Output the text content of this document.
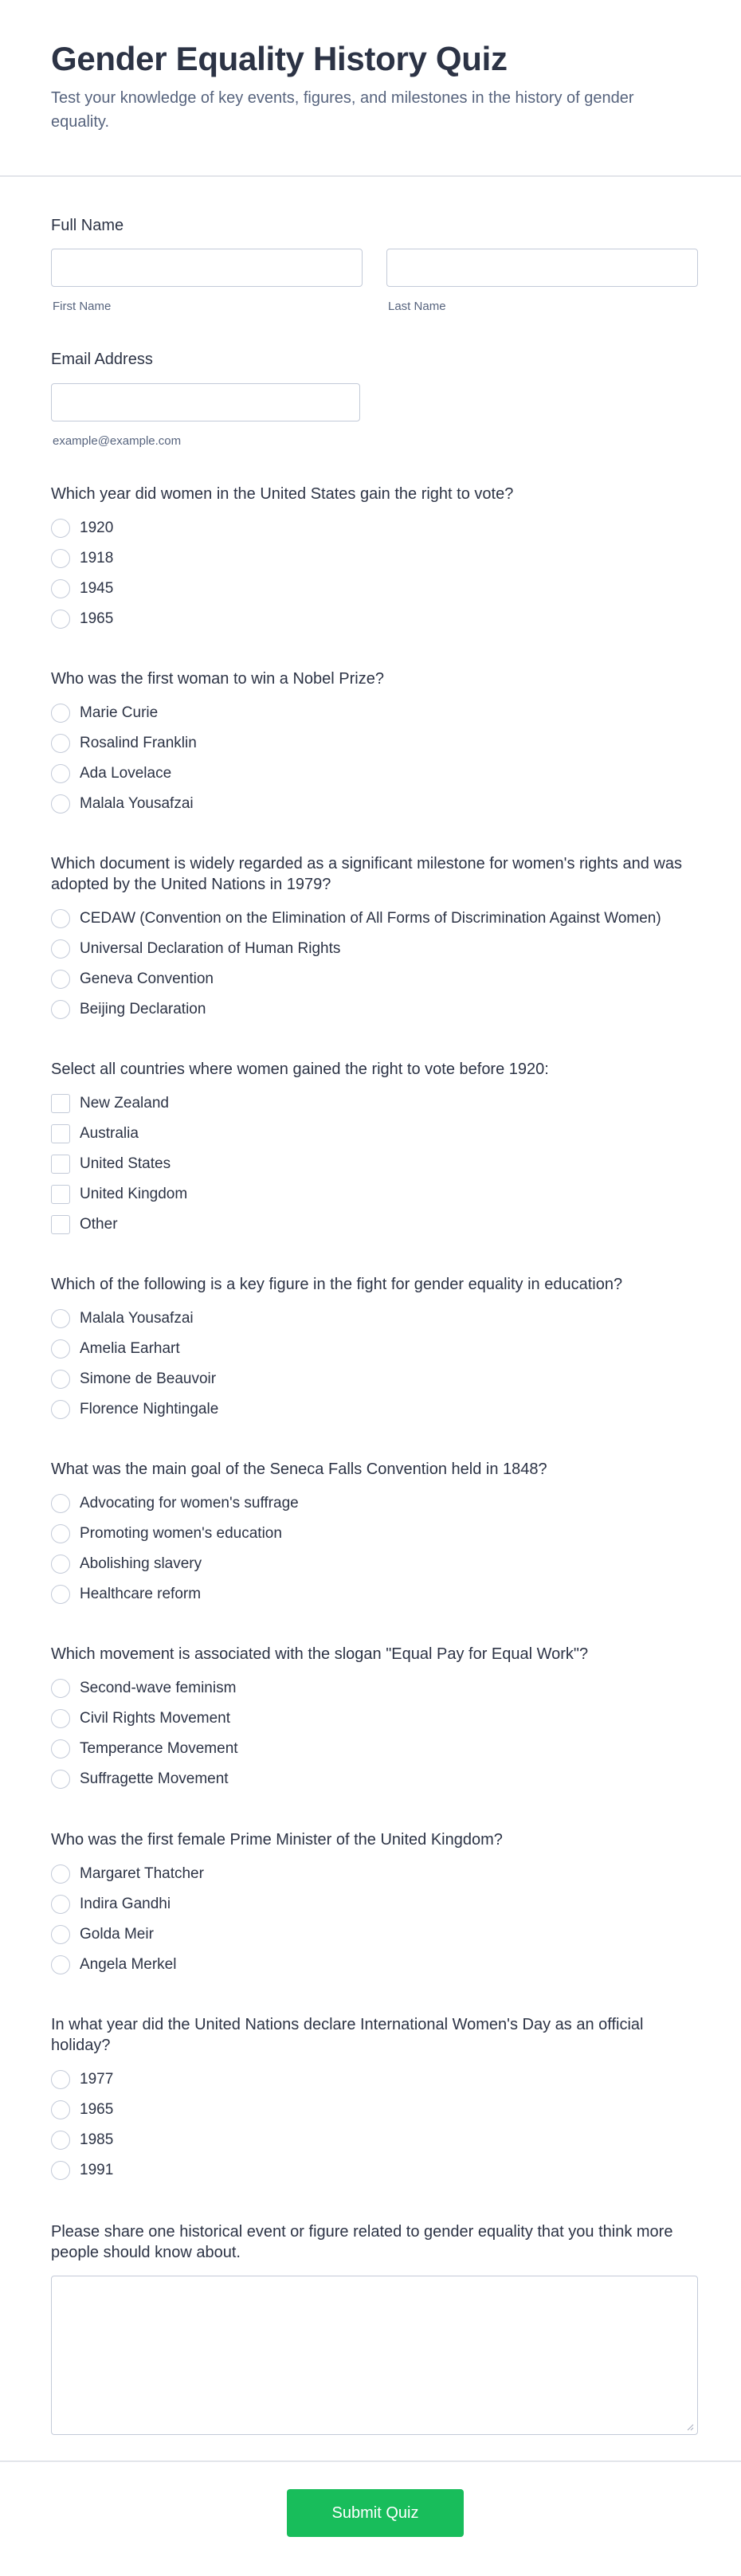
Gender Equality History Quiz
Test your knowledge of key events, figures, and milestones in the history of gender equality.
Full Name
First Name	Last Name
Email Address
example@example.com
Which year did women in the United States gain the right to vote?
1920
1918
1945
1965
Who was the first woman to win a Nobel Prize?
Marie Curie
Rosalind Franklin
Ada Lovelace
Malala Yousafzai
Which document is widely regarded as a significant milestone for women's rights and was adopted by the United Nations in 1979?
CEDAW (Convention on the Elimination of All Forms of Discrimination Against Women)
Universal Declaration of Human Rights
Geneva Convention
Beijing Declaration
Select all countries where women gained the right to vote before 1920:
New Zealand
Australia
United States
United Kingdom
Other
Which of the following is a key figure in the fight for gender equality in education?
Malala Yousafzai
Amelia Earhart
Simone de Beauvoir
Florence Nightingale
What was the main goal of the Seneca Falls Convention held in 1848?
Advocating for women's suffrage
Promoting women's education
Abolishing slavery
Healthcare reform
Which movement is associated with the slogan "Equal Pay for Equal Work"?
Second-wave feminism
Civil Rights Movement
Temperance Movement
Suffragette Movement
Who was the first female Prime Minister of the United Kingdom?
Margaret Thatcher
Indira Gandhi
Golda Meir
Angela Merkel
In what year did the United Nations declare International Women's Day as an official holiday?
1977
1965
1985
1991
Please share one historical event or figure related to gender equality that you think more people should know about.
Submit Quiz
